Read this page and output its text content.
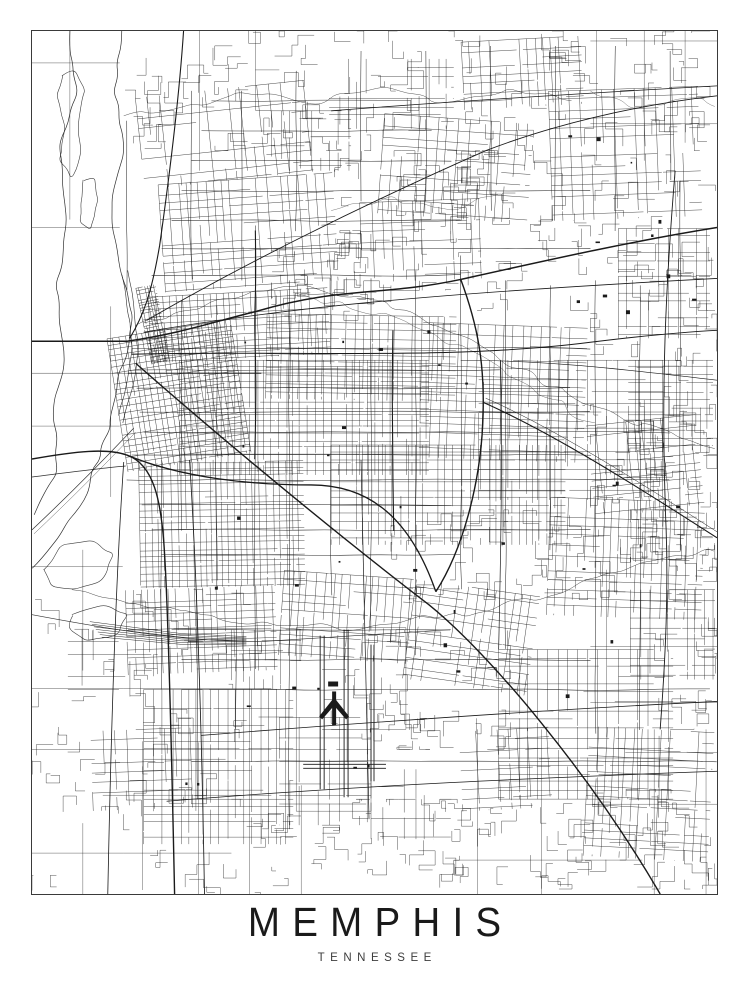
MEMPHIS
TENNESSEE
